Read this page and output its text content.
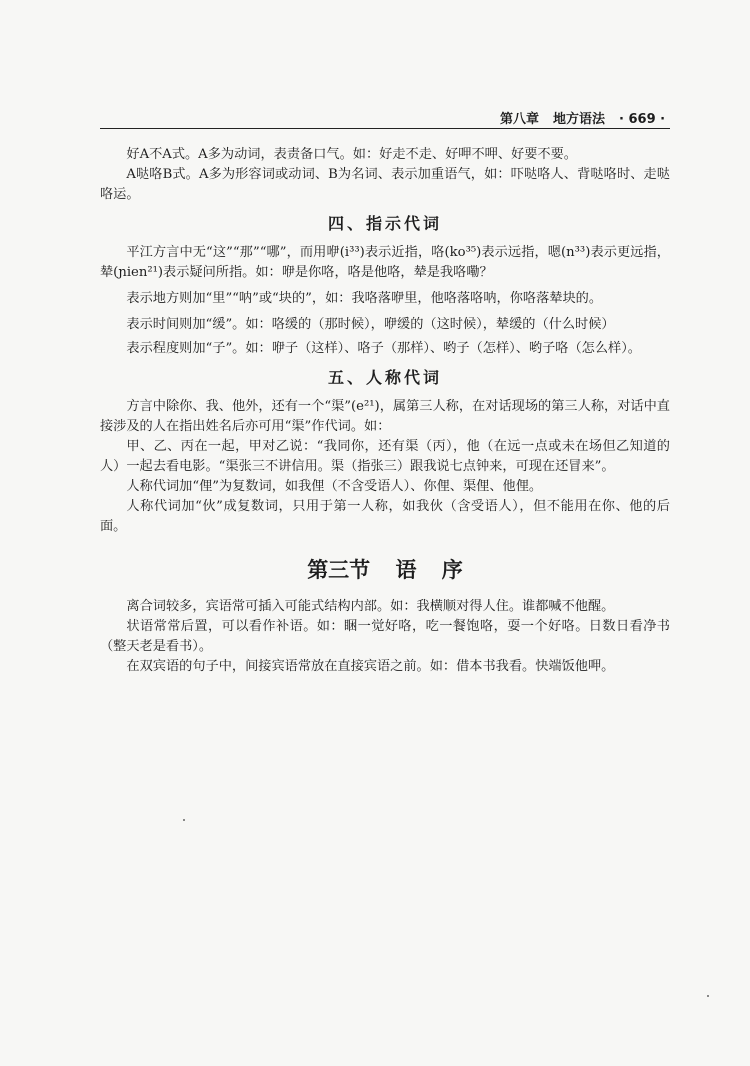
第八章 地方语法 · 669 ·

好A不A式。A多为动词，表责备口气。如：好走不走、好呷不呷、好要不要。

A哒咯B式。A多为形容词或动词、B为名词、表示加重语气，如：吓哒咯人、背哒咯时、走哒咯运。

四、指示代词

平江方言中无“这”“那”“哪”，而用咿(i³³)表示近指，咯(ko³⁵)表示远指，嗯(n³³)表示更远指，辇(ɲien²¹)表示疑问所指。如：咿是你咯，咯是他咯，辇是我咯嘞？

表示地方则加“里”“呐”或“块的”，如：我咯落咿里，他咯落咯呐，你咯落辇块的。

表示时间则加“缓”。如：咯缓的（那时候），咿缓的（这时候），辇缓的（什么时候）

表示程度则加“子”。如：咿子（这样）、咯子（那样）、哟子（怎样）、哟子咯（怎么样）。

五、人称代词

方言中除你、我、他外，还有一个“渠”(e²¹)，属第三人称，在对话现场的第三人称，对话中直接涉及的人在指出姓名后亦可用“渠”作代词。如：

甲、乙、丙在一起，甲对乙说：“我同你，还有渠（丙），他（在远一点或未在场但乙知道的人）一起去看电影。“渠张三不讲信用。渠（指张三）跟我说七点钟来，可现在还冒来”。

人称代词加“俚”为复数词，如我俚（不含受语人）、你俚、渠俚、他俚。

人称代词加“伙”成复数词，只用于第一人称，如我伙（含受语人），但不能用在你、他的后面。

第三节 语 序

离合词较多，宾语常可插入可能式结构内部。如：我横顺对得人住。谁都喊不他醒。

状语常常后置，可以看作补语。如：睏一觉好咯，吃一餐饱咯，耍一个好咯。日数日看净书（整天老是看书）。

在双宾语的句子中，间接宾语常放在直接宾语之前。如：借本书我看。快端饭他呷。
